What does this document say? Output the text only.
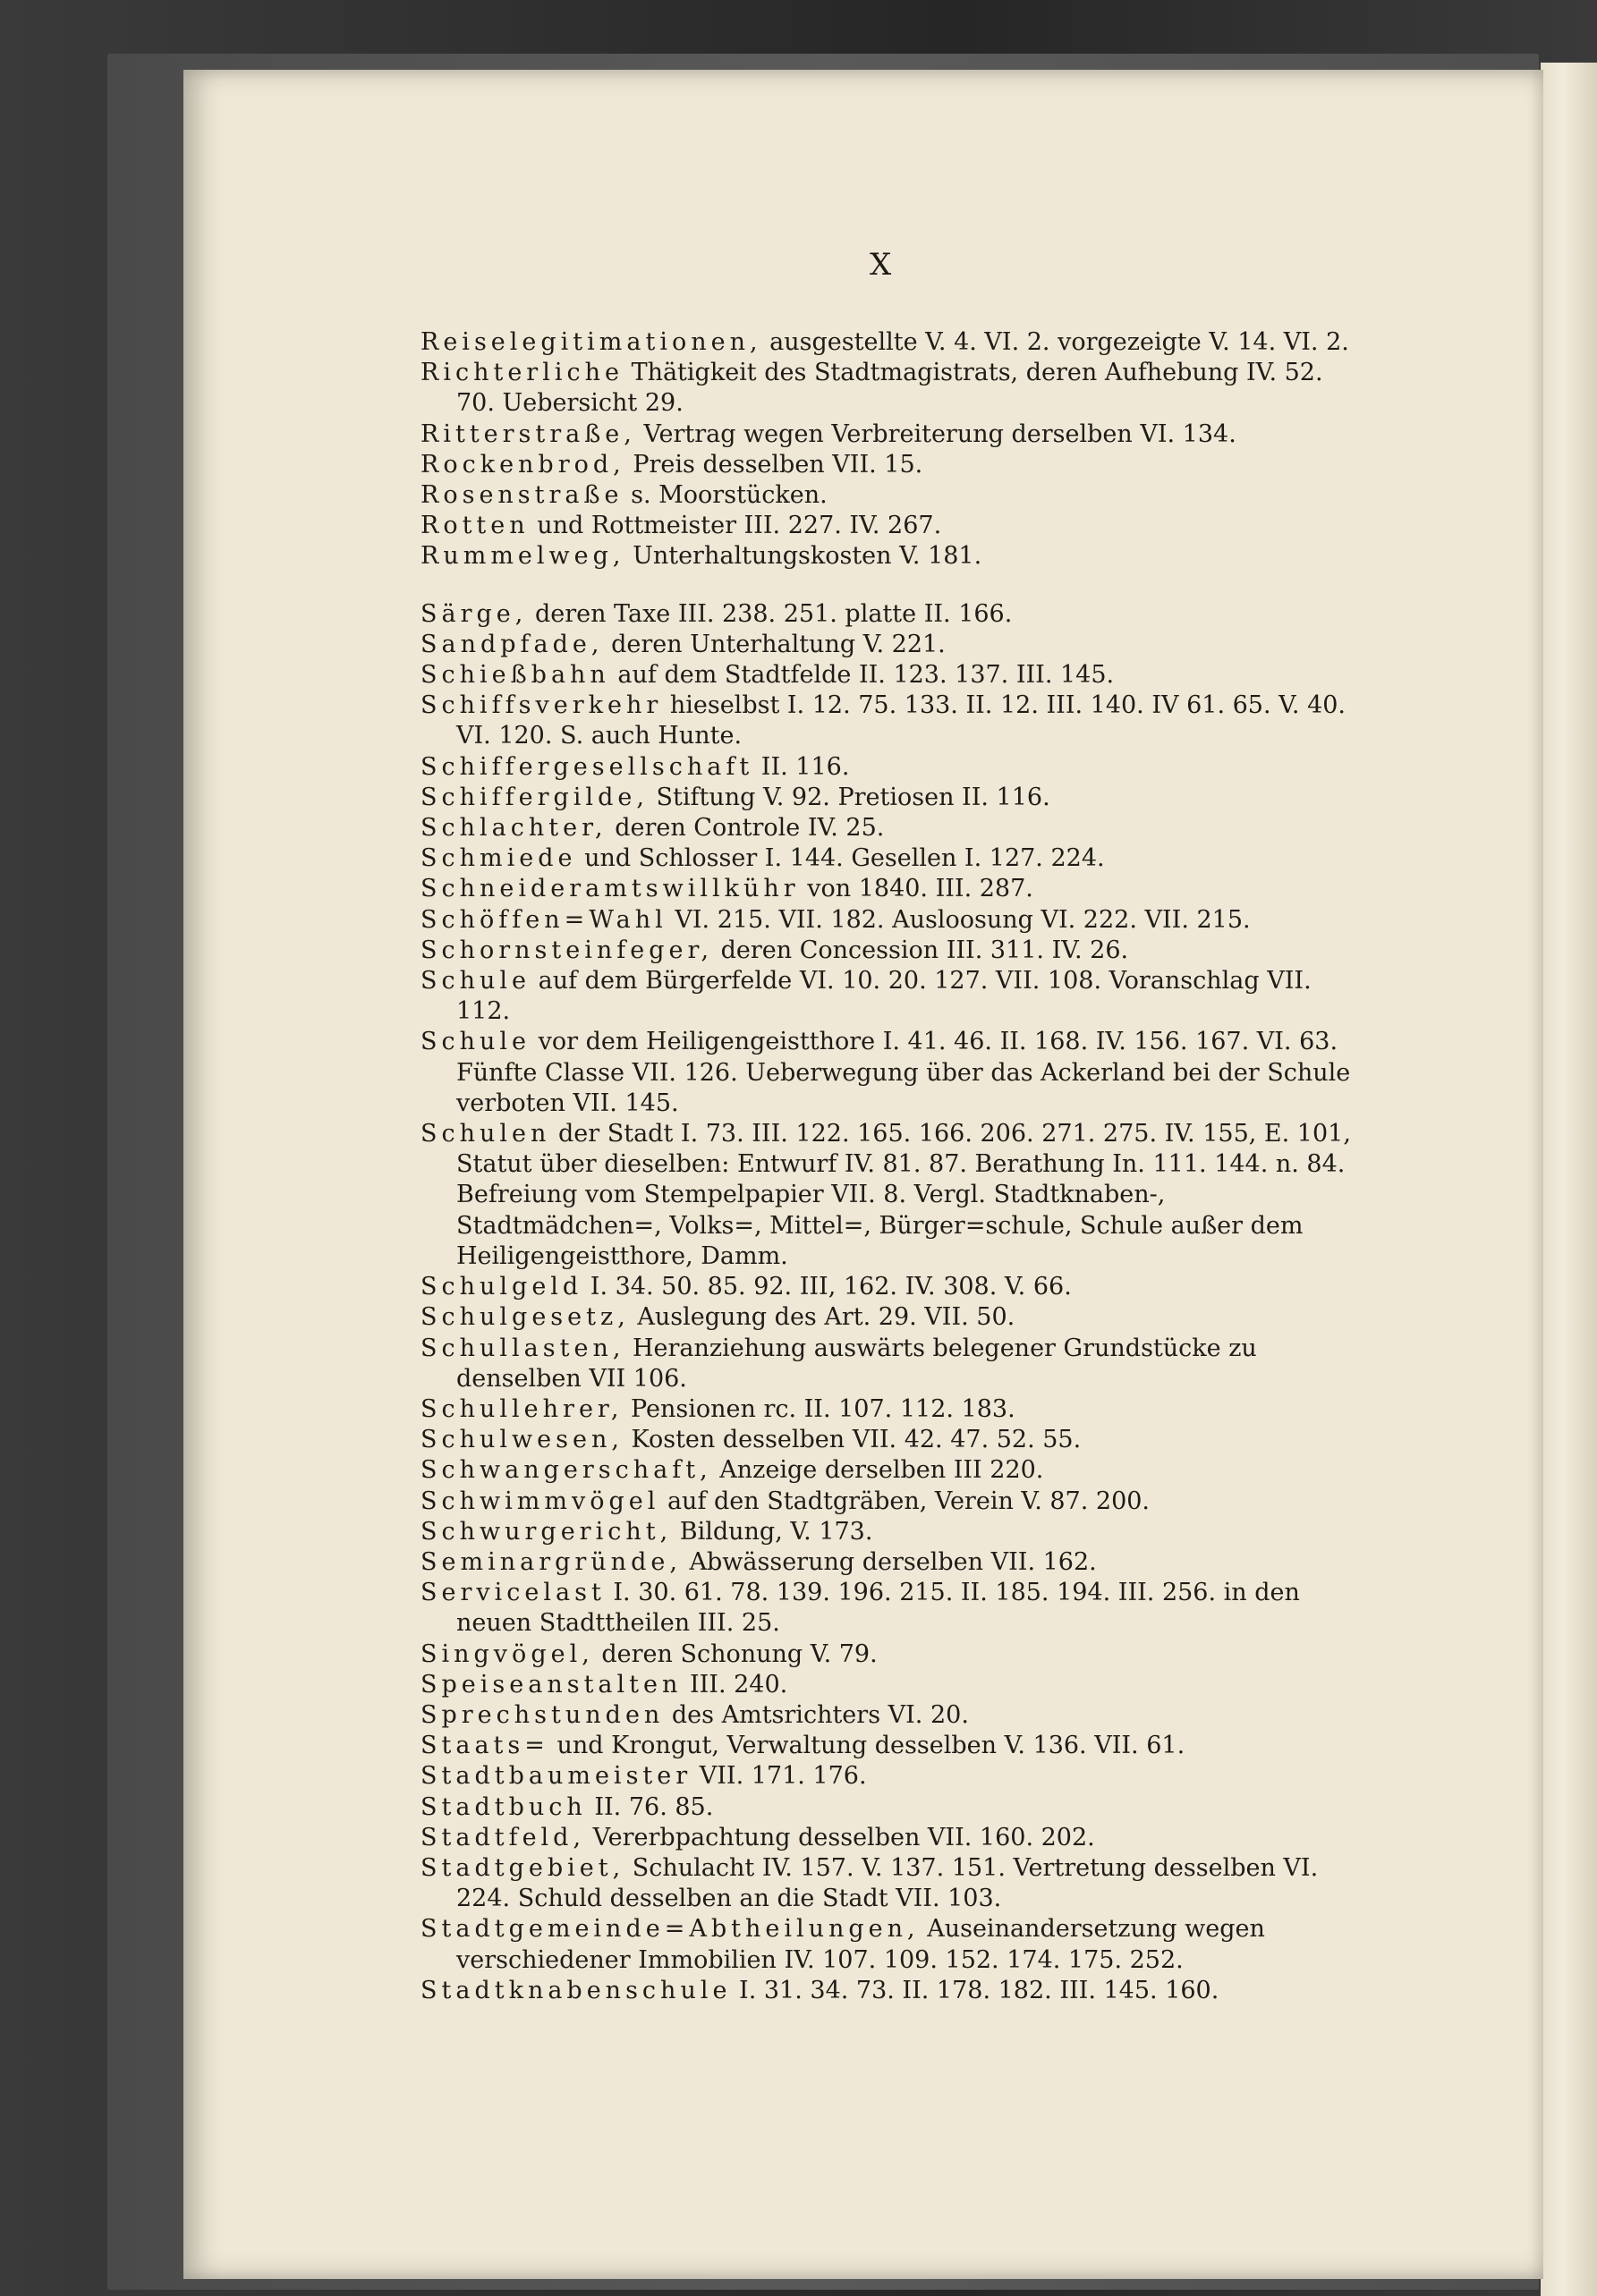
X
Reiselegitimationen, ausgestellte V. 4. VI. 2. vorgezeigte V. 14. VI. 2.
Richterliche Thätigkeit des Stadtmagistrats, deren Aufhebung IV. 52. 70. Uebersicht 29.
Ritterstraße, Vertrag wegen Verbreiterung derselben VI. 134.
Rockenbrod, Preis desselben VII. 15.
Rosenstraße s. Moorstücken.
Rotten und Rottmeister III. 227. IV. 267.
Rummelweg, Unterhaltungskosten V. 181.
Särge, deren Taxe III. 238. 251. platte II. 166.
Sandpfade, deren Unterhaltung V. 221.
Schießbahn auf dem Stadtfelde II. 123. 137. III. 145.
Schiffsverkehr hieselbst I. 12. 75. 133. II. 12. III. 140. IV 61. 65. V. 40. VI. 120. S. auch Hunte.
Schiffergesellschaft II. 116.
Schiffergilde, Stiftung V. 92. Pretiosen II. 116.
Schlachter, deren Controle IV. 25.
Schmiede und Schlosser I. 144. Gesellen I. 127. 224.
Schneideramtswillkühr von 1840. III. 287.
Schöffen=Wahl VI. 215. VII. 182. Ausloosung VI. 222. VII. 215.
Schornsteinfeger, deren Concession III. 311. IV. 26.
Schule auf dem Bürgerfelde VI. 10. 20. 127. VII. 108. Voranschlag VII. 112.
Schule vor dem Heiligengeistthore I. 41. 46. II. 168. IV. 156. 167. VI. 63. Fünfte Classe VII. 126. Ueberwegung über das Ackerland bei der Schule verboten VII. 145.
Schulen der Stadt I. 73. III. 122. 165. 166. 206. 271. 275. IV. 155, E. 101, Statut über dieselben: Entwurf IV. 81. 87. Berathung In. 111. 144. n. 84. Befreiung vom Stempelpapier VII. 8. Vergl. Stadtknaben-, Stadtmädchen=, Volks=, Mittel=, Bürger=schule, Schule außer dem Heiligengeistthore, Damm.
Schulgeld I. 34. 50. 85. 92. III, 162. IV. 308. V. 66.
Schulgesetz, Auslegung des Art. 29. VII. 50.
Schullasten, Heranziehung auswärts belegener Grundstücke zu denselben VII 106.
Schullehrer, Pensionen rc. II. 107. 112. 183.
Schulwesen, Kosten desselben VII. 42. 47. 52. 55.
Schwangerschaft, Anzeige derselben III 220.
Schwimmvögel auf den Stadtgräben, Verein V. 87. 200.
Schwurgericht, Bildung, V. 173.
Seminargründe, Abwässerung derselben VII. 162.
Servicelast I. 30. 61. 78. 139. 196. 215. II. 185. 194. III. 256. in den neuen Stadttheilen III. 25.
Singvögel, deren Schonung V. 79.
Speiseanstalten III. 240.
Sprechstunden des Amtsrichters VI. 20.
Staats= und Krongut, Verwaltung desselben V. 136. VII. 61.
Stadtbaumeister VII. 171. 176.
Stadtbuch II. 76. 85.
Stadtfeld, Vererbpachtung desselben VII. 160. 202.
Stadtgebiet, Schulacht IV. 157. V. 137. 151. Vertretung desselben VI. 224. Schuld desselben an die Stadt VII. 103.
Stadtgemeinde=Abtheilungen, Auseinandersetzung wegen verschiedener Immobilien IV. 107. 109. 152. 174. 175. 252.
Stadtknabenschule I. 31. 34. 73. II. 178. 182. III. 145. 160.
